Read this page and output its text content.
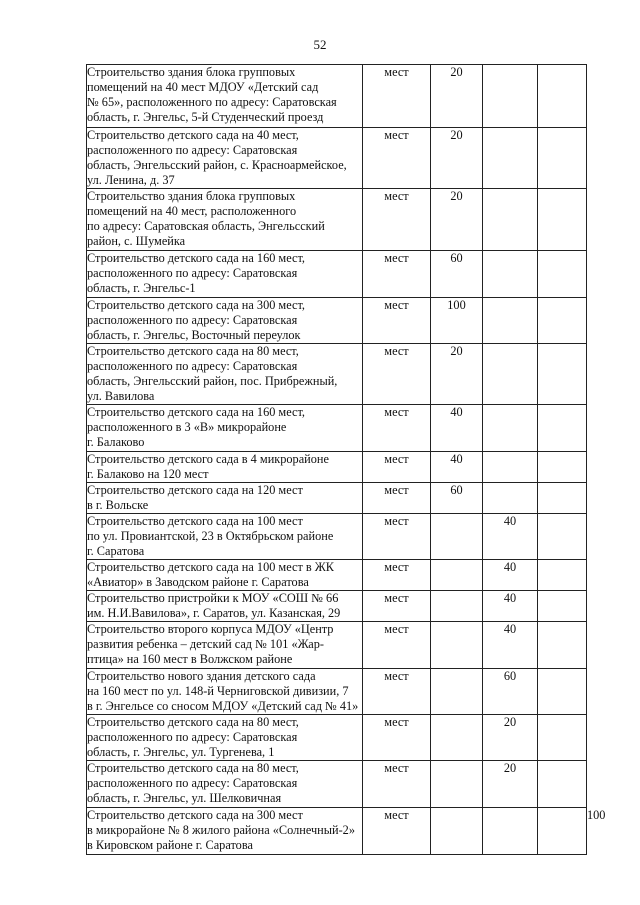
52
Строительство здания блока групповых
помещений на 40 мест МДОУ «Детский сад
№ 65», расположенного по адресу: Саратовская
область, г. Энгельс, 5-й Студенческий проезд	мест	20			

Строительство детского сада на 40 мест,
расположенного по адресу: Саратовская
область, Энгельсский район, с. Красноармейское,
ул. Ленина, д. 37	мест	20			

Строительство здания блока групповых
помещений на 40 мест, расположенного
по адресу: Саратовская область, Энгельсский
район, с. Шумейка	мест	20			

Строительство детского сада на 160 мест,
расположенного по адресу: Саратовская
область, г. Энгельс-1	мест	60			

Строительство детского сада на 300 мест,
расположенного по адресу: Саратовская
область, г. Энгельс, Восточный переулок	мест	100			

Строительство детского сада на 80 мест,
расположенного по адресу: Саратовская
область, Энгельсский район, пос. Прибрежный,
ул. Вавилова	мест	20			

Строительство детского сада на 160 мест,
расположенного в 3 «В» микрорайоне
г. Балаково	мест	40			

Строительство детского сада в 4 микрорайоне
г. Балаково на 120 мест	мест	40			

Строительство детского сада на 120 мест
в г. Вольске	мест	60			

Строительство детского сада на 100 мест
по ул. Провиантской, 23 в Октябрьском районе
г. Саратова	мест		40		

Строительство детского сада на 100 мест в ЖК
«Авиатор» в Заводском районе г. Саратова	мест		40		

Строительство пристройки к МОУ «СОШ № 66
им. Н.И.Вавилова», г. Саратов, ул. Казанская, 29	мест		40		

Строительство второго корпуса МДОУ «Центр
развития ребенка – детский сад № 101 «Жар-
птица» на 160 мест в Волжском районе	мест		40		

Строительство нового здания детского сада
на 160 мест по ул. 148-й Черниговской дивизии, 7
в г. Энгельсе со сносом МДОУ «Детский сад № 41»	мест		60		

Строительство детского сада на 80 мест,
расположенного по адресу: Саратовская
область, г. Энгельс, ул. Тургенева, 1	мест		20		

Строительство детского сада на 80 мест,
расположенного по адресу: Саратовская
область, г. Энгельс, ул. Шелковичная	мест		20		

Строительство детского сада на 300 мест
в микрорайоне № 8 жилого района «Солнечный-2»
в Кировском районе г. Саратова	мест				100
